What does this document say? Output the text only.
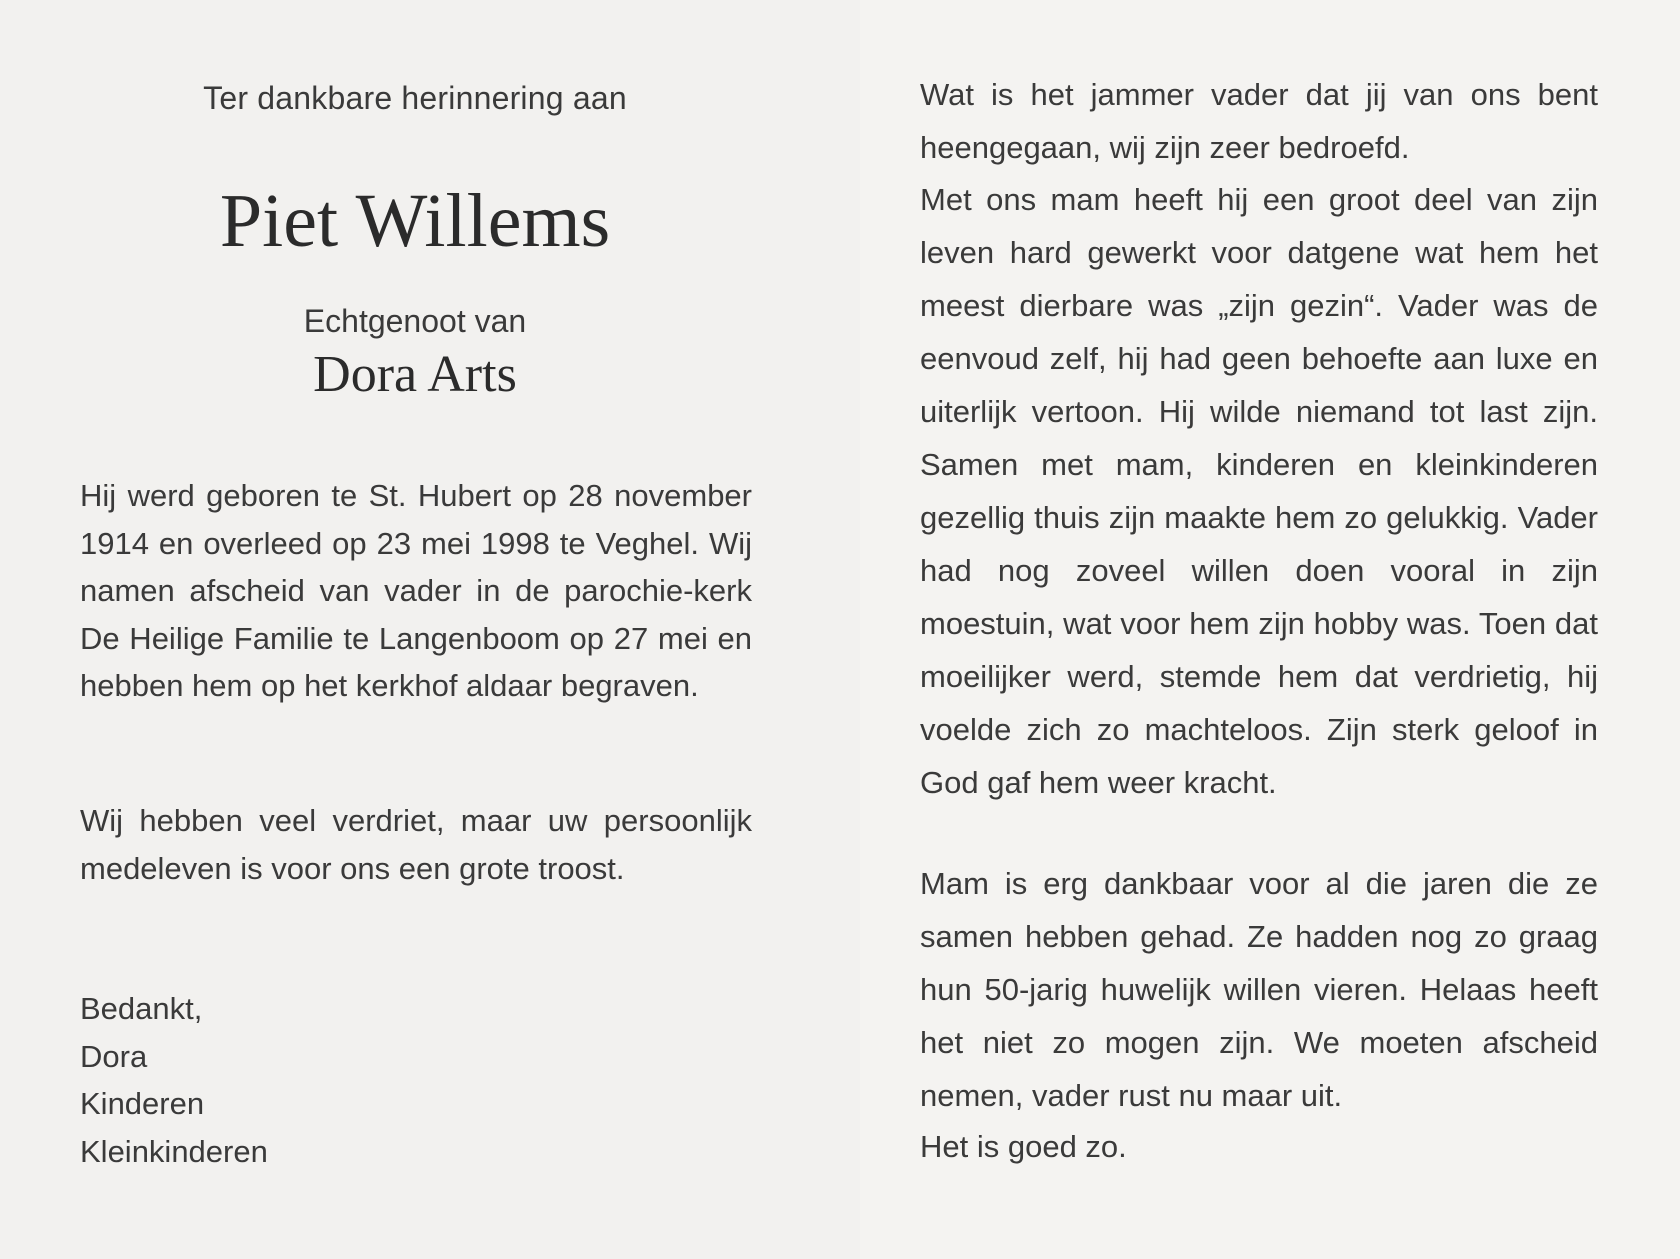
Ter dankbare herinnering aan
Piet Willems
Echtgenoot van
Dora Arts

Hij werd geboren te St. Hubert op 28 november 1914 en overleed op 23 mei 1998 te Veghel. Wij namen afscheid van vader in de parochie-kerk De Heilige Familie te Langenboom op 27 mei en hebben hem op het kerkhof aldaar begraven.

Wij hebben veel verdriet, maar uw persoonlijk medeleven is voor ons een grote troost.

Bedankt,
Dora
Kinderen
Kleinkinderen

Wat is het jammer vader dat jij van ons bent heengegaan, wij zijn zeer bedroefd.

Met ons mam heeft hij een groot deel van zijn leven hard gewerkt voor datgene wat hem het meest dierbare was „zijn gezin“. Vader was de eenvoud zelf, hij had geen behoefte aan luxe en uiterlijk vertoon. Hij wilde niemand tot last zijn. Samen met mam, kinderen en kleinkinderen gezellig thuis zijn maakte hem zo gelukkig. Vader had nog zoveel willen doen vooral in zijn moestuin, wat voor hem zijn hobby was. Toen dat moeilijker werd, stemde hem dat verdrietig, hij voelde zich zo machteloos. Zijn sterk geloof in God gaf hem weer kracht.

Mam is erg dankbaar voor al die jaren die ze samen hebben gehad. Ze hadden nog zo graag hun 50-jarig huwelijk willen vieren. Helaas heeft het niet zo mogen zijn. We moeten afscheid nemen, vader rust nu maar uit.

Het is goed zo.
